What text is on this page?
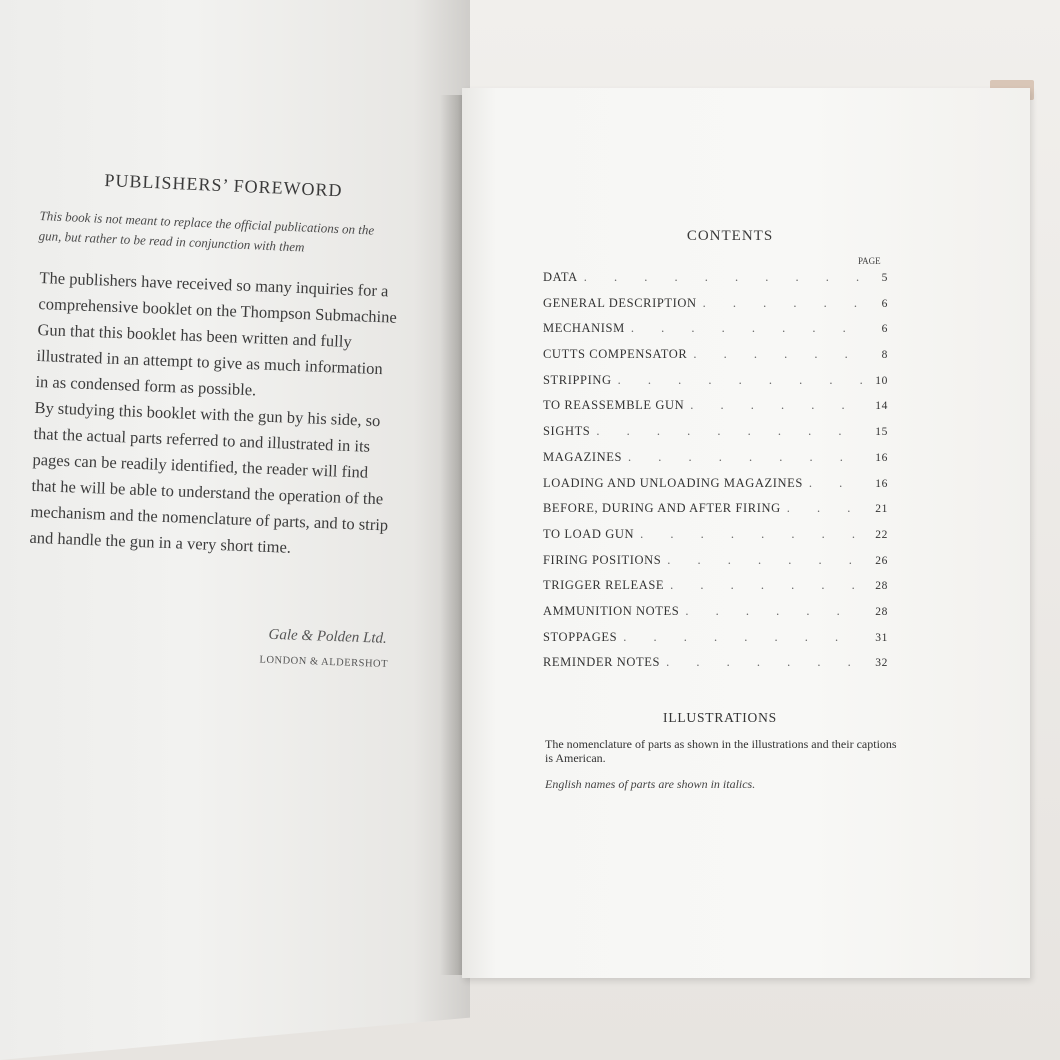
PUBLISHERS’ FOREWORD
This book is not meant to replace the official publications on the gun, but rather to be read in conjunction with them

The publishers have received so many inquiries for a comprehensive booklet on the Thompson Submachine Gun that this booklet has been written and fully illustrated in an attempt to give as much information in as condensed form as possible.

By studying this booklet with the gun by his side, so that the actual parts referred to and illustrated in its pages can be readily identified, the reader will find that he will be able to understand the operation of the mechanism and the nomenclature of parts, and to strip and handle the gun in a very short time.

Gale & Polden Ltd.
LONDON & ALDERSHOT
CONTENTS
PAGE
DATA . . .	5
GENERAL DESCRIPTION . . .	6
MECHANISM . . .	6
CUTTS COMPENSATOR . . .	8
STRIPPING . . .	10
TO REASSEMBLE GUN . . .	14
SIGHTS . . .	15
MAGAZINES . . .	16
LOADING AND UNLOADING MAGAZINES . . .	16
BEFORE, DURING AND AFTER FIRING . . .	21
TO LOAD GUN . . .	22
FIRING POSITIONS . . .	26
TRIGGER RELEASE . . .	28
AMMUNITION NOTES . . .	28
STOPPAGES . . .	31
REMINDER NOTES . . .	32
ILLUSTRATIONS
The nomenclature of parts as shown in the illustrations and their captions is American.
English names of parts are shown in italics.
